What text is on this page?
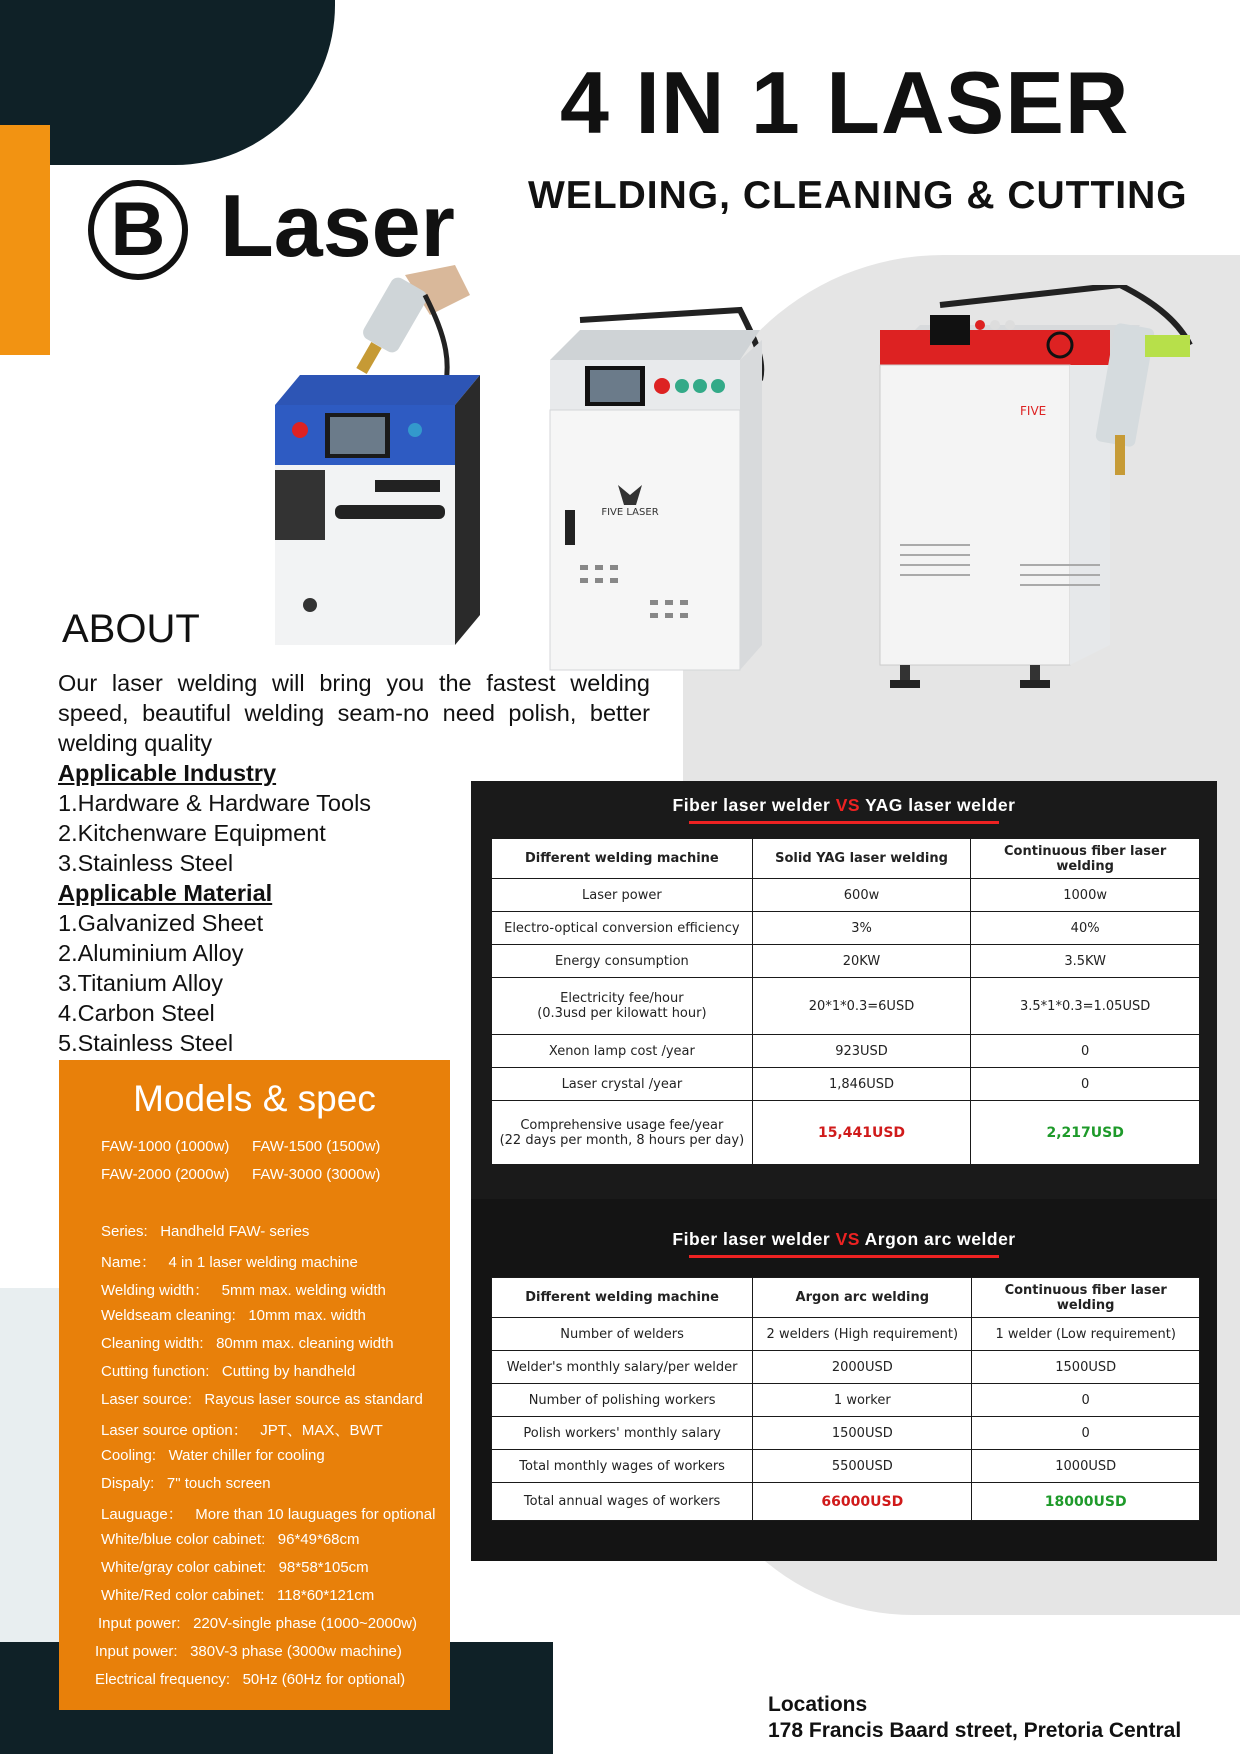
4 IN 1 LASER
WELDING, CLEANING & CUTTING
B Laser
FIVE LASER
FIVE
ABOUT
Our laser welding will bring you the fastest welding speed, beautiful welding seam-no need polish, better welding quality
Applicable Industry
1.Hardware & Hardware Tools
2.Kitchenware Equipment
3.Stainless Steel
Applicable Material
1.Galvanized Sheet
2.Aluminium Alloy
3.Titanium Alloy
4.Carbon Steel
5.Stainless Steel
Models & spec
FAW-1000 (1000w) FAW-1500 (1500w)
FAW-2000 (2000w) FAW-3000 (3000w)
Series: Handheld FAW- series
Name： 4 in 1 laser welding machine
Welding width： 5mm max. welding width
Weldseam cleaning: 10mm max. width
Cleaning width: 80mm max. cleaning width
Cutting function: Cutting by handheld
Laser source: Raycus laser source as standard
Laser source option： JPT、MAX、BWT
Cooling: Water chiller for cooling
Dispaly: 7" touch screen
Lauguage： More than 10 lauguages for optional
White/blue color cabinet: 96*49*68cm
White/gray color cabinet: 98*58*105cm
White/Red color cabinet: 118*60*121cm
Input power: 220V-single phase (1000~2000w)
Input power: 380V-3 phase (3000w machine)
Electrical frequency: 50Hz (60Hz for optional)
Fiber laser welder VS YAG laser welder
Different welding machine	Solid YAG laser welding	Continuous fiber laser welding
Laser power	600w	1000w
Electro-optical conversion efficiency	3%	40%
Energy consumption	20KW	3.5KW
Electricity fee/hour
(0.3usd per kilowatt hour)	20*1*0.3=6USD	3.5*1*0.3=1.05USD
Xenon lamp cost /year	923USD	0
Laser crystal /year	1,846USD	0
Comprehensive usage fee/year
(22 days per month, 8 hours per day)	15,441USD	2,217USD
Fiber laser welder VS Argon arc welder
Different welding machine	Argon arc welding	Continuous fiber laser welding
Number of welders	2 welders (High requirement)	1 welder (Low requirement)
Welder's monthly salary/per welder	2000USD	1500USD
Number of polishing workers	1 worker	0
Polish workers' monthly salary	1500USD	0
Total monthly wages of workers	5500USD	1000USD
Total annual wages of workers	66000USD	18000USD
Locations
178 Francis Baard street, Pretoria Central
